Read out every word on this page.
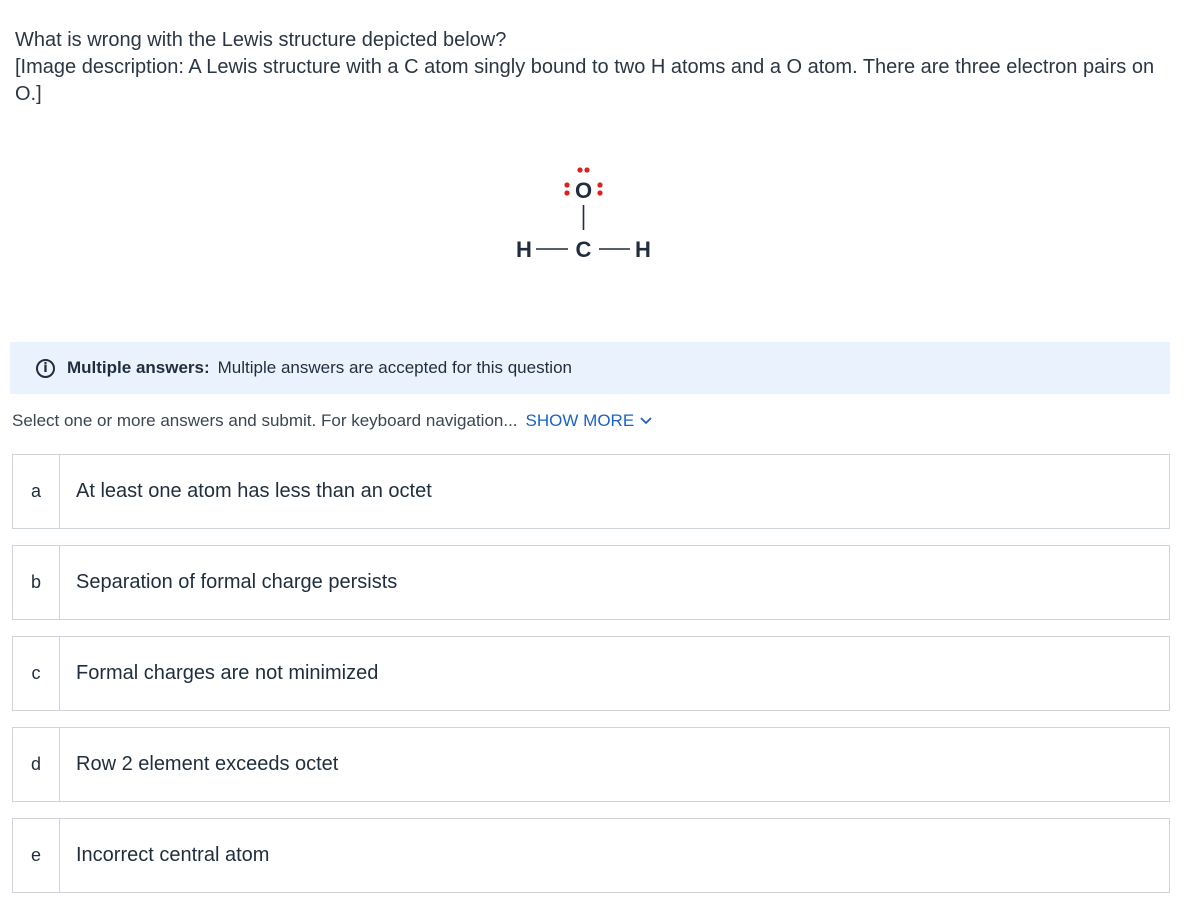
What is wrong with the Lewis structure depicted below?

[Image description: A Lewis structure with a C atom singly bound to two H atoms and a O atom. There are three electron pairs on O.]

O
H C H
i	Multiple answers: Multiple answers are accepted for this question
Select one or more answers and submit. For keyboard navigation... SHOW MORE
a	At least one atom has less than an octet
b	Separation of formal charge persists
c	Formal charges are not minimized
d	Row 2 element exceeds octet
e	Incorrect central atom
